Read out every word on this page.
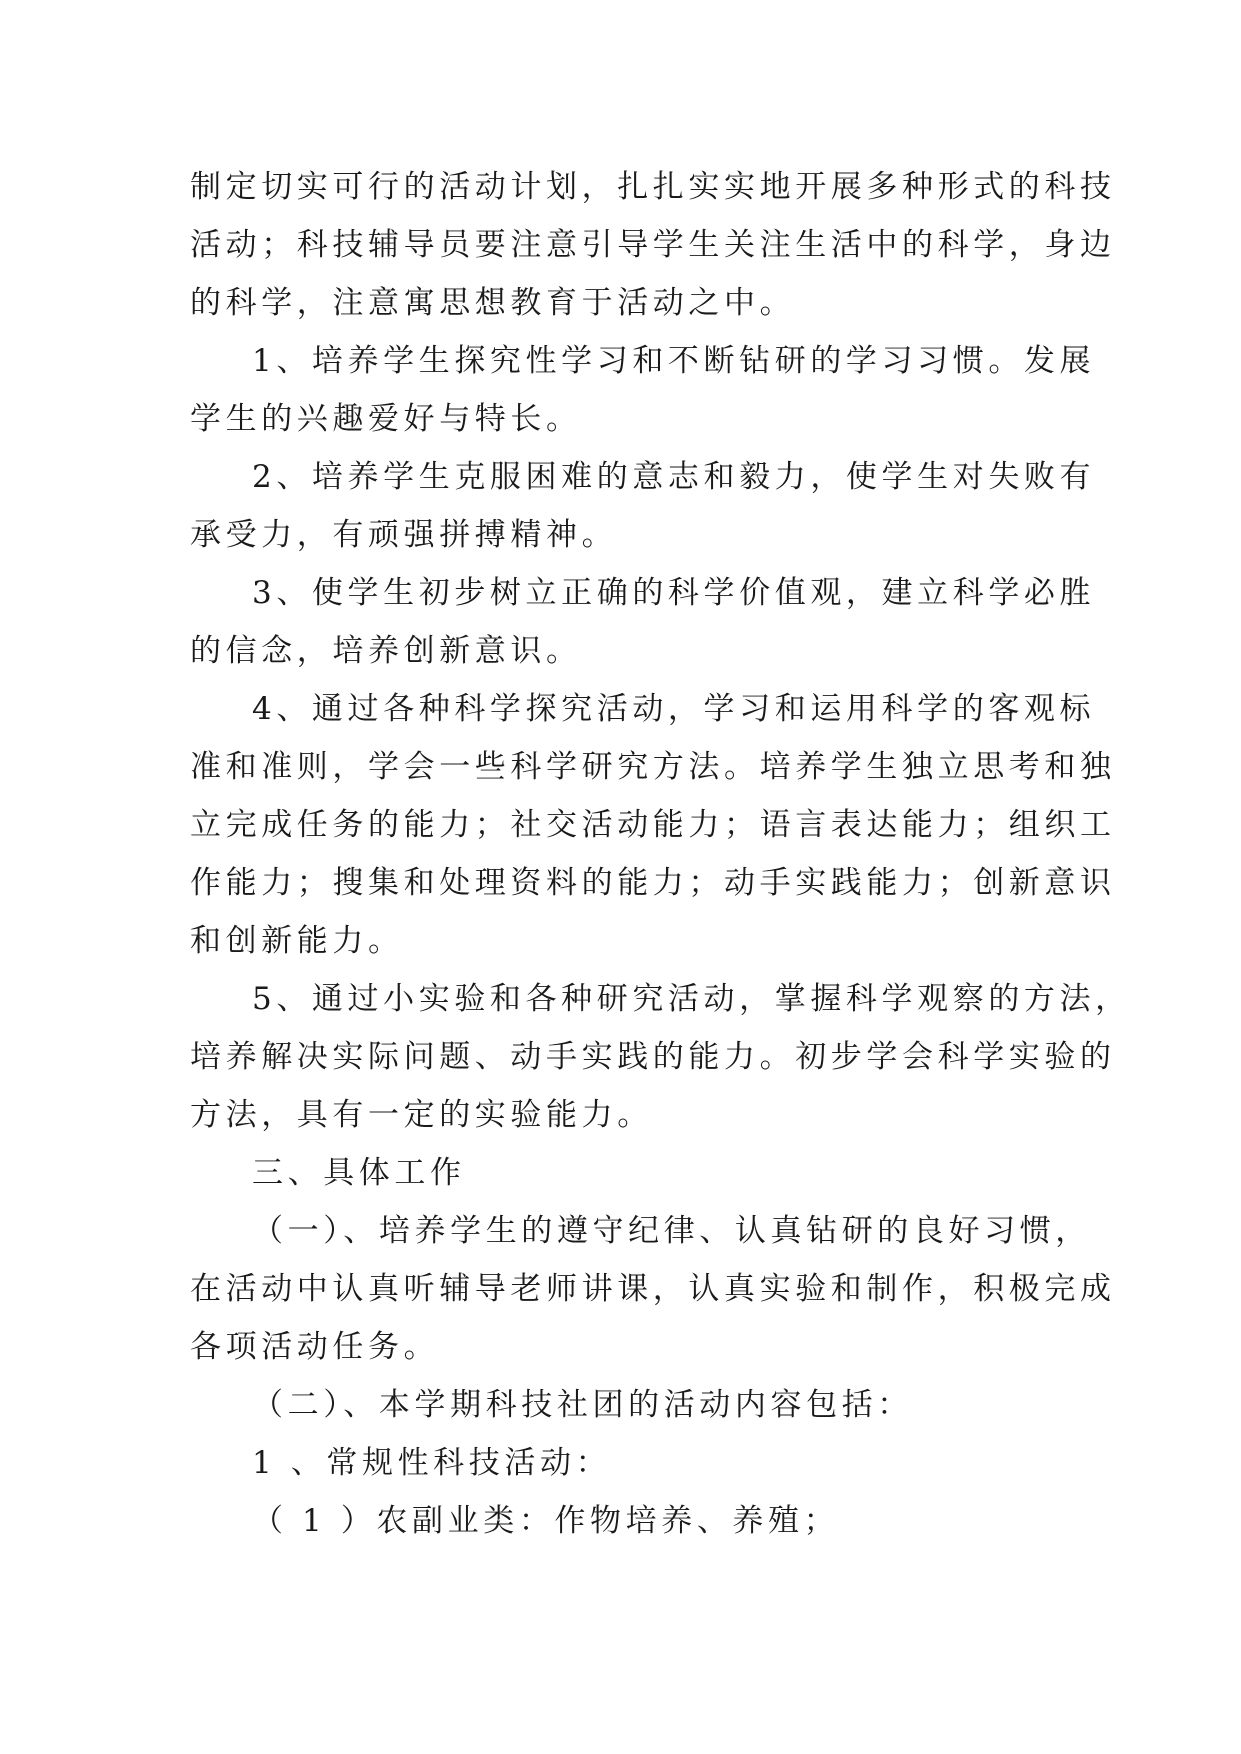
制定切实可行的活动计划，扎扎实实地开展多种形式的科技
活动；科技辅导员要注意引导学生关注生活中的科学，身边
的科学，注意寓思想教育于活动之中。
1、培养学生探究性学习和不断钻研的学习习惯。发展
学生的兴趣爱好与特长。
2、培养学生克服困难的意志和毅力，使学生对失败有
承受力，有顽强拼搏精神。
3、使学生初步树立正确的科学价值观，建立科学必胜
的信念，培养创新意识。
4、通过各种科学探究活动，学习和运用科学的客观标
准和准则，学会一些科学研究方法。培养学生独立思考和独
立完成任务的能力；社交活动能力；语言表达能力；组织工
作能力；搜集和处理资料的能力；动手实践能力；创新意识
和创新能力。
5、通过小实验和各种研究活动，掌握科学观察的方法，
培养解决实际问题、动手实践的能力。初步学会科学实验的
方法，具有一定的实验能力。
三、具体工作
（一）、培养学生的遵守纪律、认真钻研的良好习惯，
在活动中认真听辅导老师讲课，认真实验和制作，积极完成
各项活动任务。
（二）、本学期科技社团的活动内容包括：
1 、常规性科技活动：
（ 1 ）农副业类：作物培养、养殖；
